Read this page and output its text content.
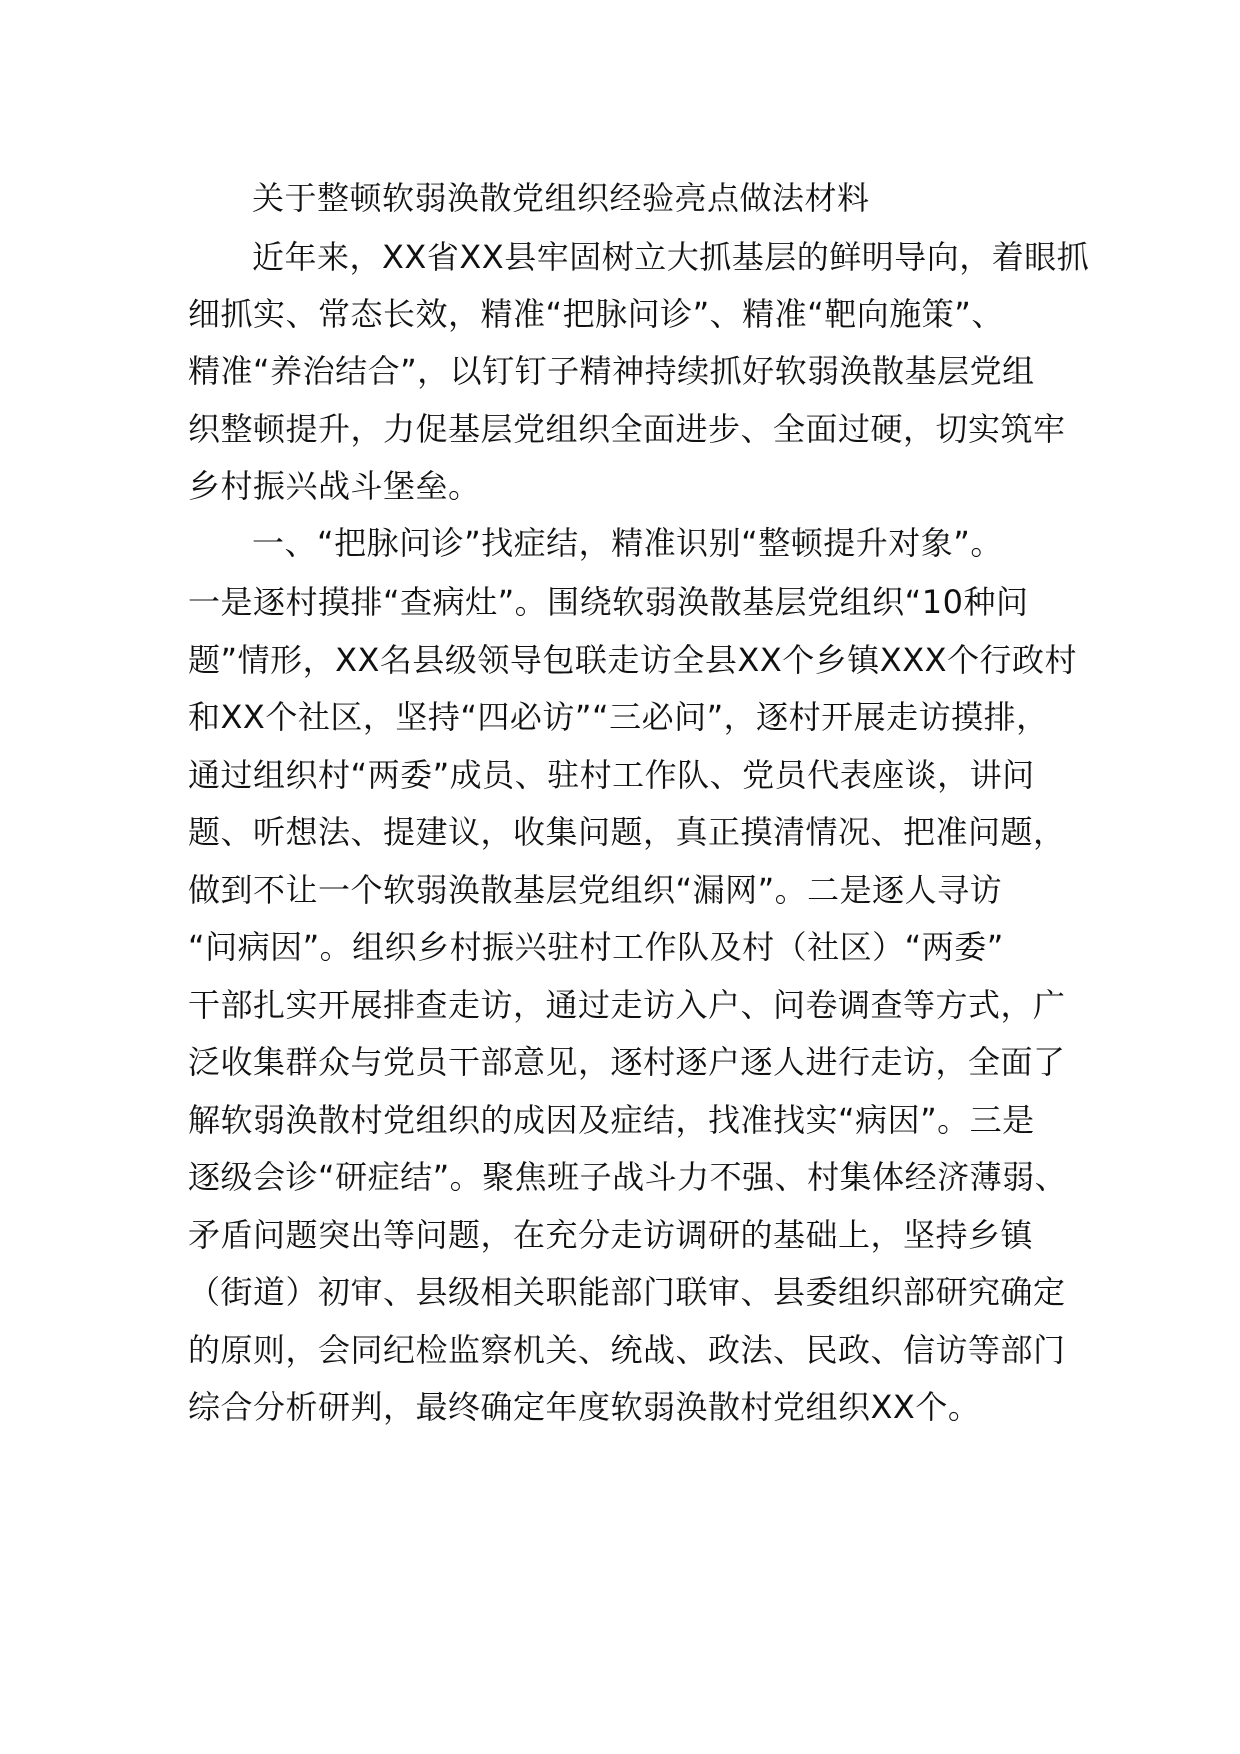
关于整顿软弱涣散党组织经验亮点做法材料
近年来，XX省XX县牢固树立大抓基层的鲜明导向，着眼抓
细抓实、常态长效，精准“把脉问诊”、精准“靶向施策”、
精准“养治结合”，以钉钉子精神持续抓好软弱涣散基层党组
织整顿提升，力促基层党组织全面进步、全面过硬，切实筑牢
乡村振兴战斗堡垒。
一、“把脉问诊”找症结，精准识别“整顿提升对象”。
一是逐村摸排“查病灶”。围绕软弱涣散基层党组织“10种问
题”情形，XX名县级领导包联走访全县XX个乡镇XXX个行政村
和XX个社区，坚持“四必访”“三必问”，逐村开展走访摸排，
通过组织村“两委”成员、驻村工作队、党员代表座谈，讲问
题、听想法、提建议，收集问题，真正摸清情况、把准问题，
做到不让一个软弱涣散基层党组织“漏网”。二是逐人寻访
“问病因”。组织乡村振兴驻村工作队及村（社区）“两委”
干部扎实开展排查走访，通过走访入户、问卷调查等方式，广
泛收集群众与党员干部意见，逐村逐户逐人进行走访，全面了
解软弱涣散村党组织的成因及症结，找准找实“病因”。三是
逐级会诊“研症结”。聚焦班子战斗力不强、村集体经济薄弱、
矛盾问题突出等问题，在充分走访调研的基础上，坚持乡镇
（街道）初审、县级相关职能部门联审、县委组织部研究确定
的原则，会同纪检监察机关、统战、政法、民政、信访等部门
综合分析研判，最终确定年度软弱涣散村党组织XX个。
